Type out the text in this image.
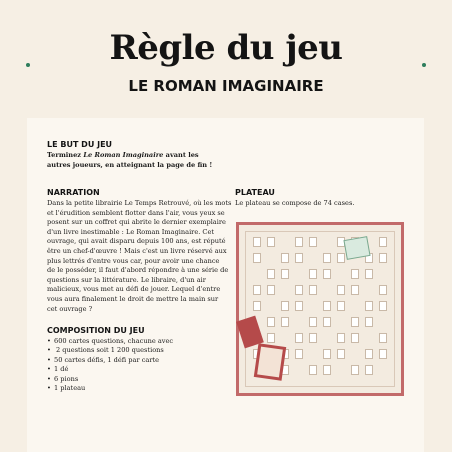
Règle du jeu
LE ROMAN IMAGINAIRE
LE BUT DU JEU
Terminez Le Roman Imaginaire avant les
autres joueurs, en atteignant la page de fin !
NARRATION
Dans la petite librairie Le Temps Retrouvé, où les mots
et l'érudition semblent flotter dans l'air, vous yeux se
posent sur un coffret qui abrite le dernier exemplaire
d'un livre inestimable : Le Roman Imaginaire. Cet
ouvrage, qui avait disparu depuis 100 ans, est réputé
être un chef-d'œuvre ! Mais c'est un livre réservé aux
plus lettrés d'entre vous car, pour avoir une chance
de le posséder, il faut d'abord répondre à une série de
questions sur la littérature. Le libraire, d'un air
malicieux, vous met au défi de jouer. Lequel d'entre
vous aura finalement le droit de mettre la main sur
cet ouvrage ?
COMPOSITION DU JEU
• 600 cartes questions, chacune avec
• 2 questions soit 1 200 questions
• 50 cartes défis, 1 défi par carte
• 1 dé
• 6 pions
• 1 plateau
PLATEAU
Le plateau se compose de 74 cases.
